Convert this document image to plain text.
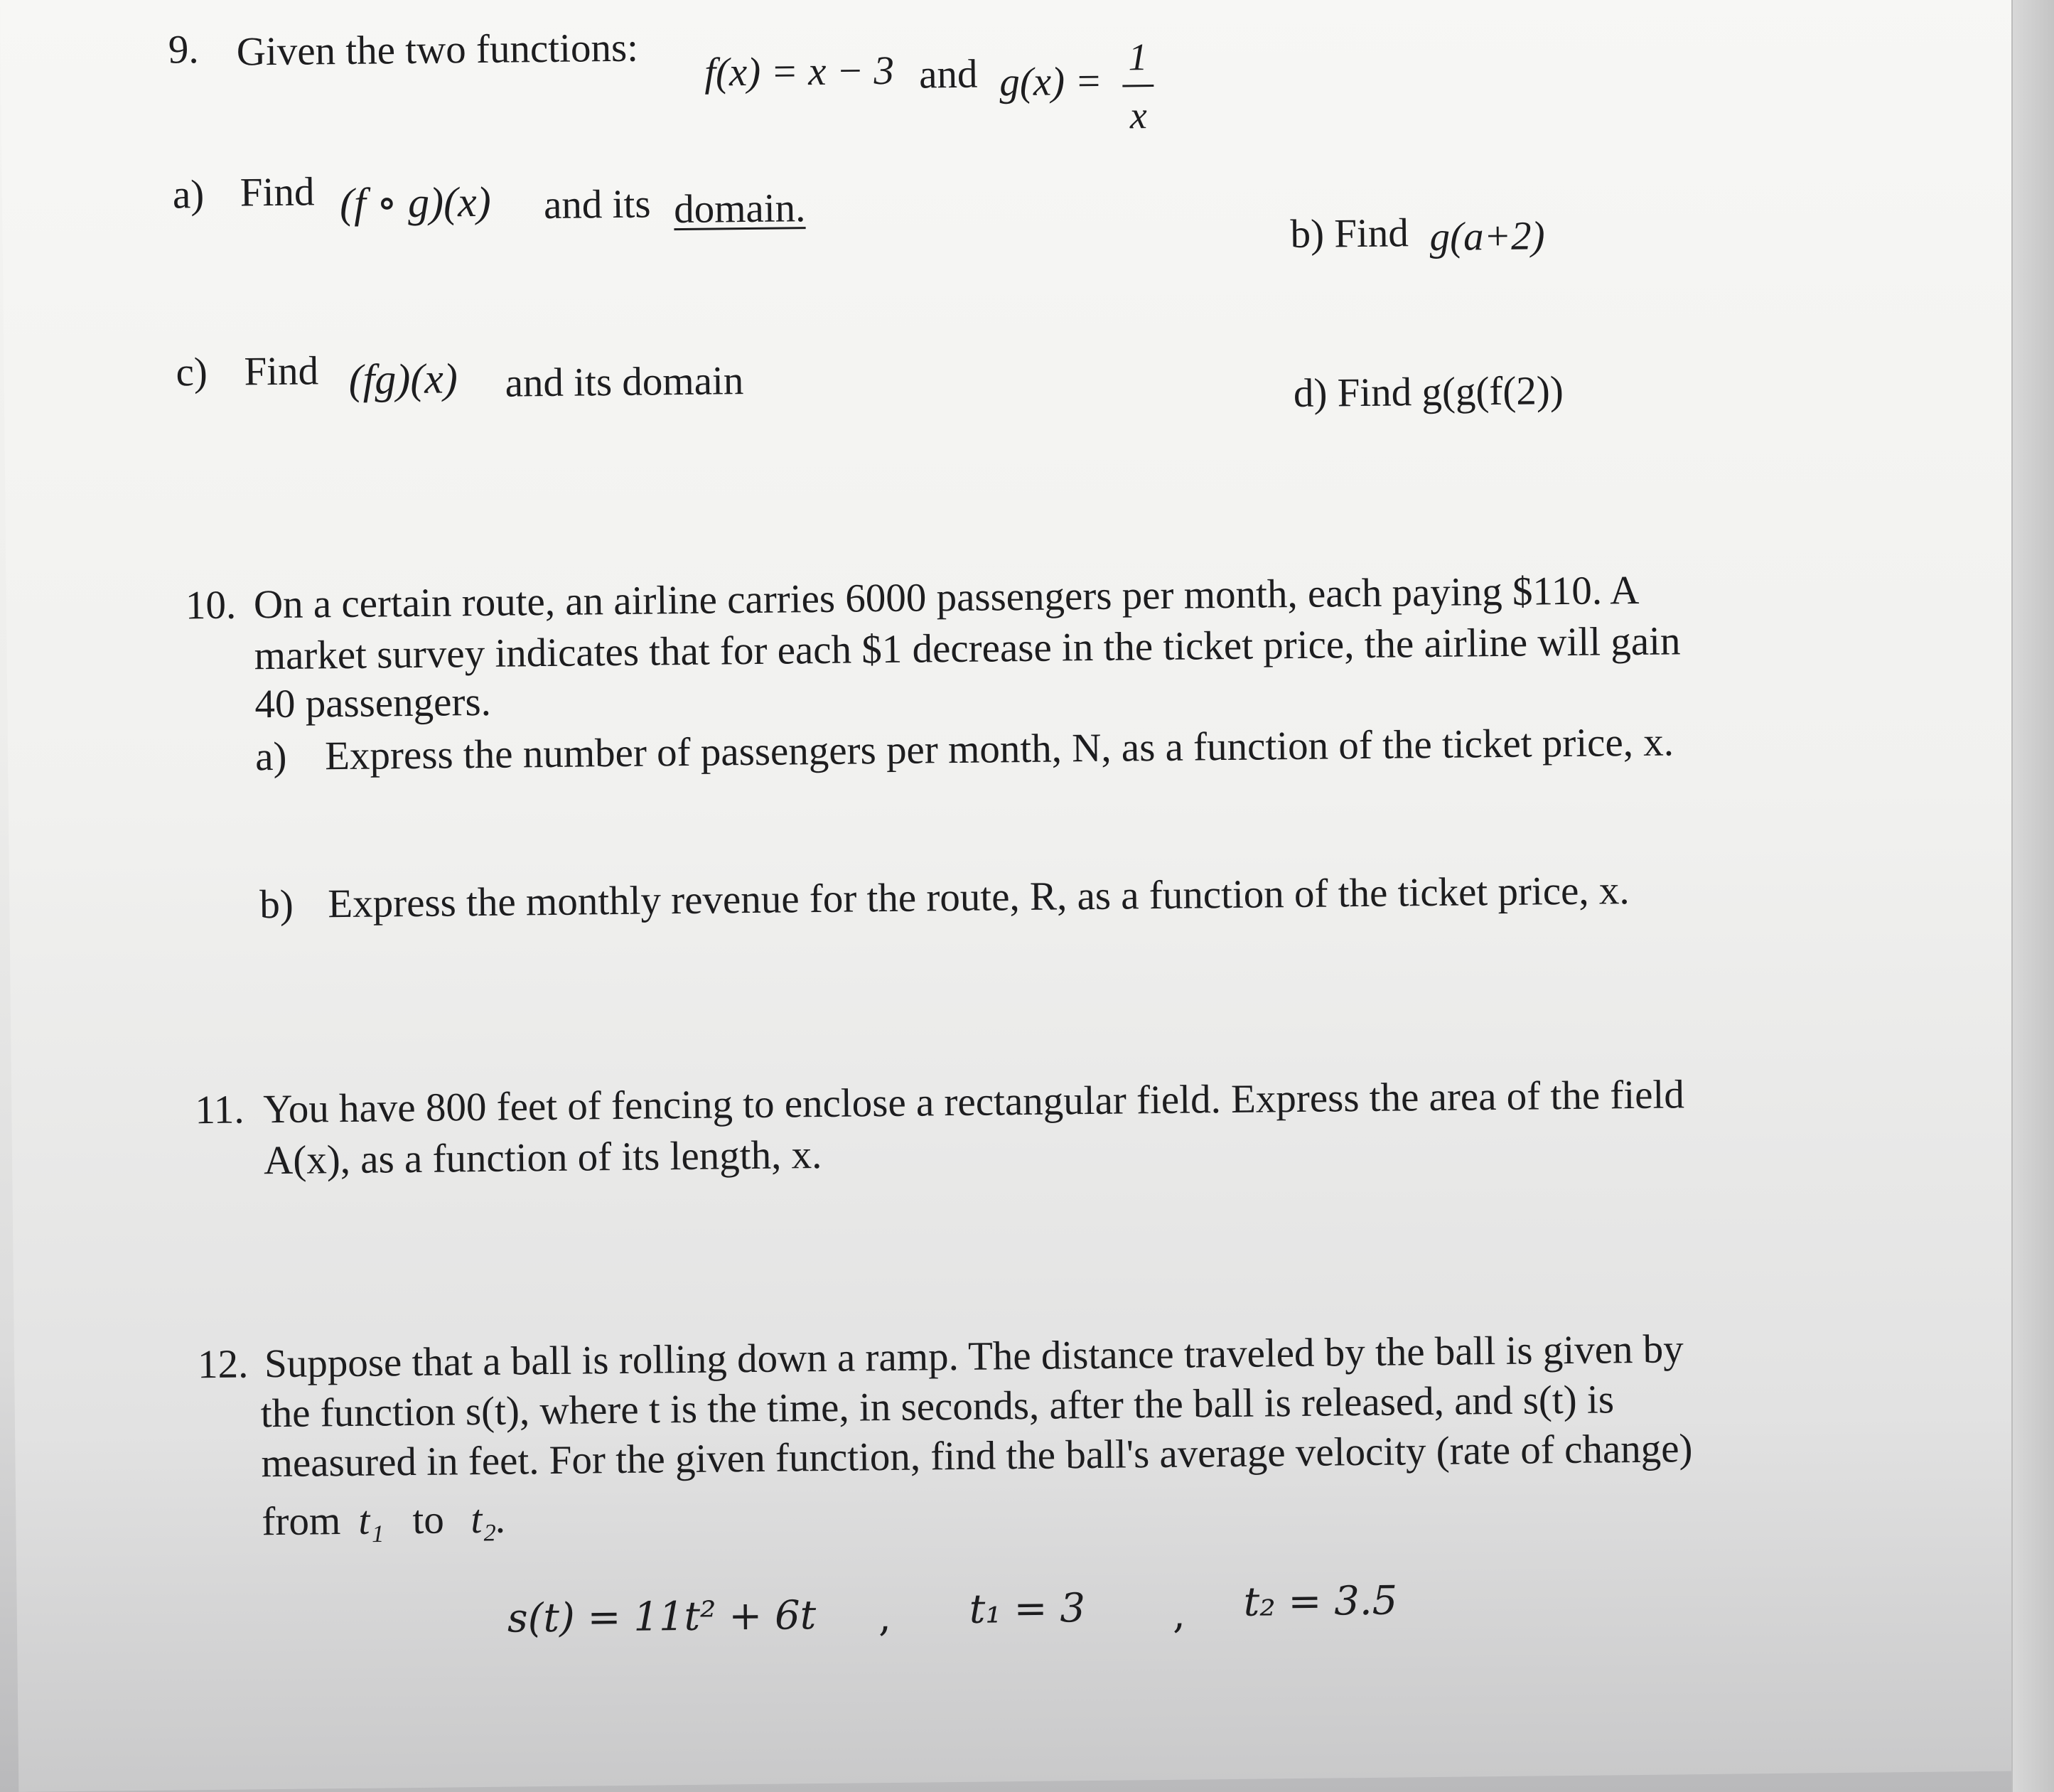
9. Given the two functions: f(x) = x − 3 and g(x) =
1
x
a) Find (f ∘ g)(x) and its domain.
b) Find g(a+2)
c) Find (fg)(x) and its domain	d) Find g(g(f(2))
10. On a certain route, an airline carries 6000 passengers per month, each paying $110. A
market survey indicates that for each $1 decrease in the ticket price, the airline will gain
40 passengers.
a) Express the number of passengers per month, N, as a function of the ticket price, x.
b) Express the monthly revenue for the route, R, as a function of the ticket price, x.
11. You have 800 feet of fencing to enclose a rectangular field. Express the area of the field
A(x), as a function of its length, x.
12. Suppose that a ball is rolling down a ramp. The distance traveled by the ball is given by
the function s(t), where t is the time, in seconds, after the ball is released, and s(t) is
measured in feet. For the given function, find the ball's average velocity (rate of change)
from t₁ to t₂.
s(t) = 11t² + 6t , t₁ = 3 , t₂ = 3.5
